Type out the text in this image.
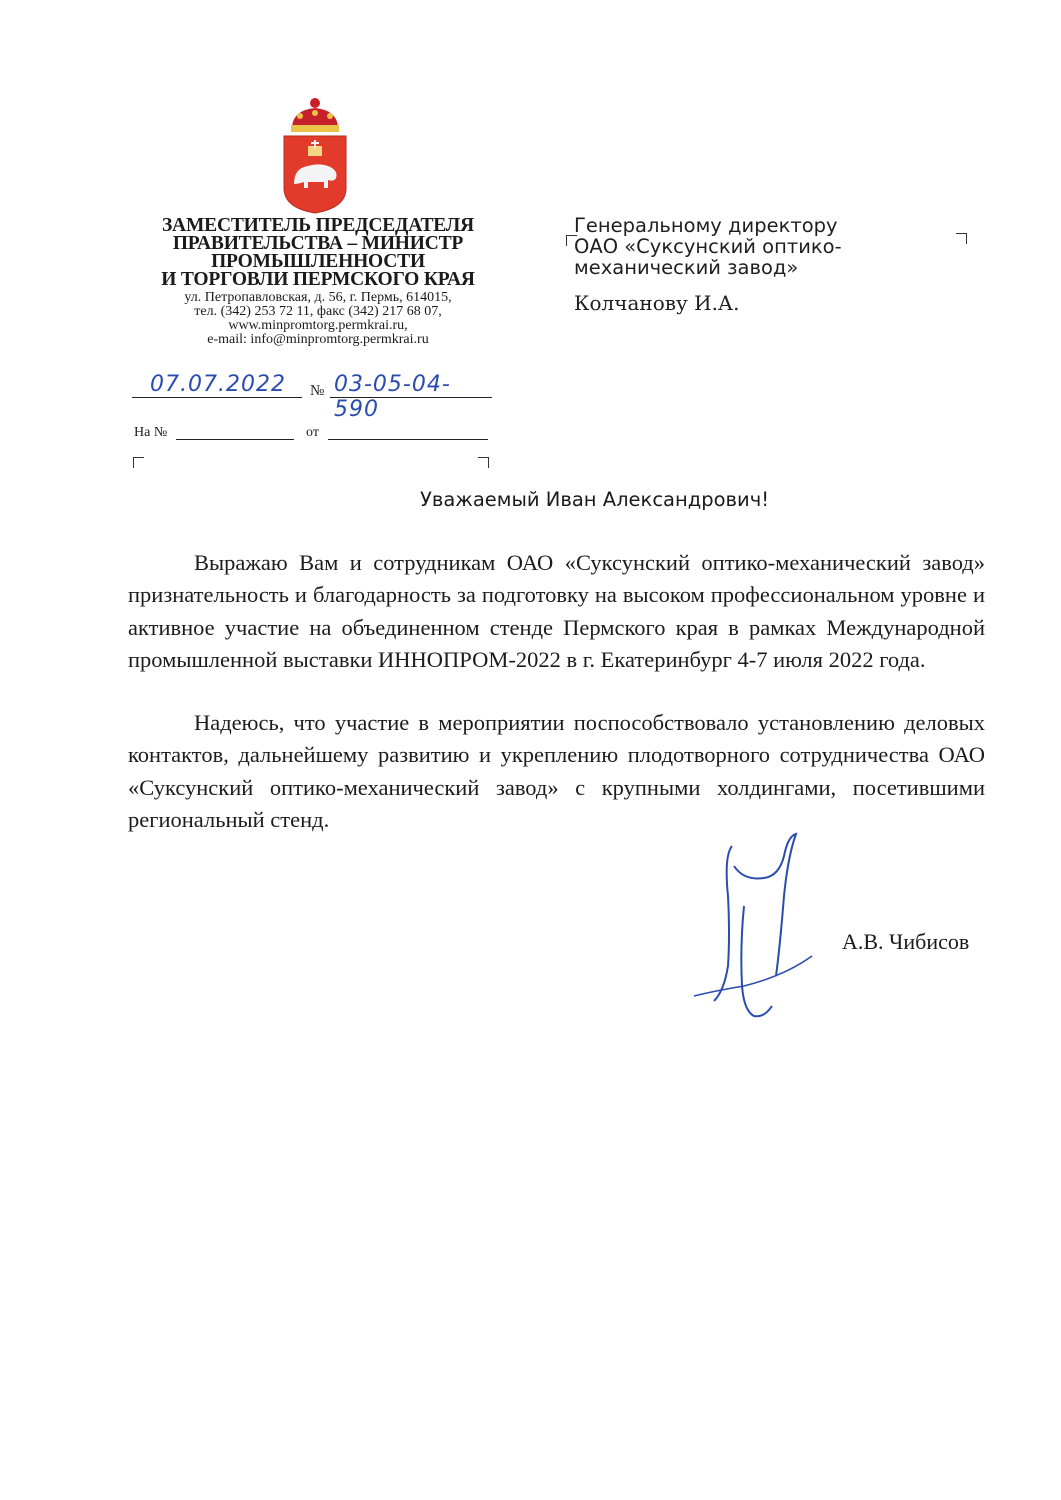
ЗАМЕСТИТЕЛЬ ПРЕДСЕДАТЕЛЯ
ПРАВИТЕЛЬСТВА – МИНИСТР
ПРОМЫШЛЕННОСТИ
И ТОРГОВЛИ ПЕРМСКОГО КРАЯ
ул. Петропавловская, д. 56, г. Пермь, 614015,
тел. (342) 253 72 11, факс (342) 217 68 07,
www.minpromtorg.permkrai.ru,
e-mail: info@minpromtorg.permkrai.ru
07.07.2022 № 03-05-04-590
На №	от
Генеральному директору
ОАО «Суксунский оптико-
механический завод»
Колчанову И.А.
Уважаемый Иван Александрович!
Выражаю Вам и сотрудникам ОАО «Суксунский оптико-механический завод» признательность и благодарность за подготовку на высоком профессиональном уровне и активное участие на объединенном стенде Пермского края в рамках Международной промышленной выставки ИННОПРОМ-2022 в г. Екатеринбург 4-7 июля 2022 года.
Надеюсь, что участие в мероприятии поспособствовало установлению деловых контактов, дальнейшему развитию и укреплению плодотворного сотрудничества ОАО «Суксунский оптико-механический завод» с крупными холдингами, посетившими региональный стенд.
А.В. Чибисов
